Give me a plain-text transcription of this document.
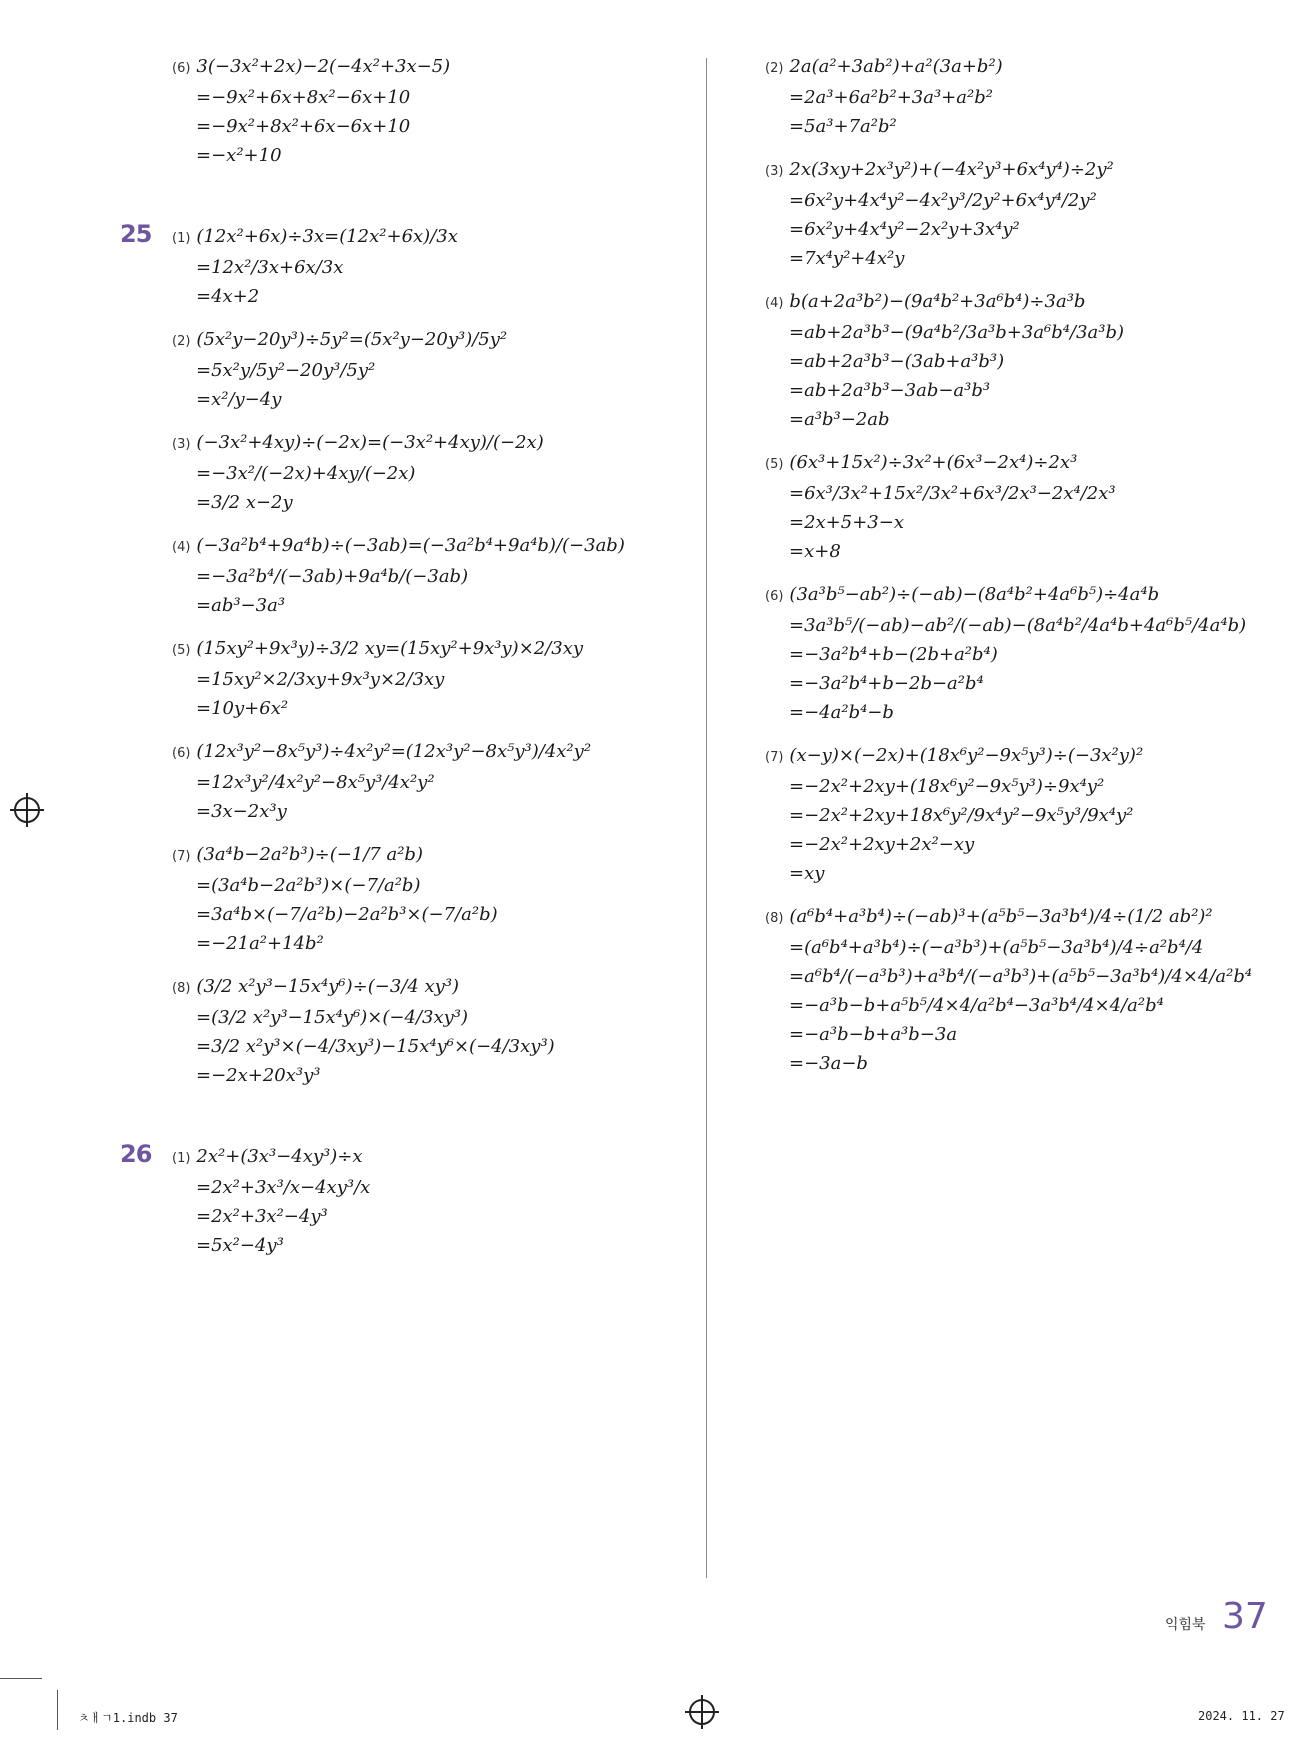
(6) 3(−3x²+2x)−2(−4x²+3x−5)
=−9x²+6x+8x²−6x+10
=−9x²+8x²+6x−6x+10
=−x²+10
25 (1) (12x²+6x)÷3x=(12x²+6x)/3x
=12x²/3x+6x/3x
=4x+2
(2) (5x²y−20y³)÷5y²=(5x²y−20y³)/5y²
=5x²y/5y²−20y³/5y²
=x²/y−4y
(3) (−3x²+4xy)÷(−2x)=(−3x²+4xy)/(−2x)
=−3x²/(−2x)+4xy/(−2x)
=3/2 x−2y
(4) (−3a²b⁴+9a⁴b)÷(−3ab)=(−3a²b⁴+9a⁴b)/(−3ab)
=−3a²b⁴/(−3ab)+9a⁴b/(−3ab)
=ab³−3a³
(5) (15xy²+9x³y)÷3/2 xy=(15xy²+9x³y)×2/3xy
=15xy²×2/3xy+9x³y×2/3xy
=10y+6x²
(6) (12x³y²−8x⁵y³)÷4x²y²=(12x³y²−8x⁵y³)/4x²y²
=12x³y²/4x²y²−8x⁵y³/4x²y²
=3x−2x³y
(7) (3a⁴b−2a²b³)÷(−1/7 a²b)
=(3a⁴b−2a²b³)×(−7/a²b)
=3a⁴b×(−7/a²b)−2a²b³×(−7/a²b)
=−21a²+14b²
(8) (3/2 x²y³−15x⁴y⁶)÷(−3/4 xy³)
=(3/2 x²y³−15x⁴y⁶)×(−4/3xy³)
=3/2 x²y³×(−4/3xy³)−15x⁴y⁶×(−4/3xy³)
=−2x+20x³y³
26 (1) 2x²+(3x³−4xy³)÷x
=2x²+3x³/x−4xy³/x
=2x²+3x²−4y³
=5x²−4y³
(2) 2a(a²+3ab²)+a²(3a+b²)
=2a³+6a²b²+3a³+a²b²
=5a³+7a²b²
(3) 2x(3xy+2x³y²)+(−4x²y³+6x⁴y⁴)÷2y²
=6x²y+4x⁴y²−4x²y³/2y²+6x⁴y⁴/2y²
=6x²y+4x⁴y²−2x²y+3x⁴y²
=7x⁴y²+4x²y
(4) b(a+2a³b²)−(9a⁴b²+3a⁶b⁴)÷3a³b
=ab+2a³b³−(9a⁴b²/3a³b+3a⁶b⁴/3a³b)
=ab+2a³b³−(3ab+a³b³)
=ab+2a³b³−3ab−a³b³
=a³b³−2ab
(5) (6x³+15x²)÷3x²+(6x³−2x⁴)÷2x³
=6x³/3x²+15x²/3x²+6x³/2x³−2x⁴/2x³
=2x+5+3−x
=x+8
(6) (3a³b⁵−ab²)÷(−ab)−(8a⁴b²+4a⁶b⁵)÷4a⁴b
=3a³b⁵/(−ab)−ab²/(−ab)−(8a⁴b²/4a⁴b+4a⁶b⁵/4a⁴b)
=−3a²b⁴+b−(2b+a²b⁴)
=−3a²b⁴+b−2b−a²b⁴
=−4a²b⁴−b
(7) (x−y)×(−2x)+(18x⁶y²−9x⁵y³)÷(−3x²y)²
=−2x²+2xy+(18x⁶y²−9x⁵y³)÷9x⁴y²
=−2x²+2xy+18x⁶y²/9x⁴y²−9x⁵y³/9x⁴y²
=−2x²+2xy+2x²−xy
=xy
(8) (a⁶b⁴+a³b⁴)÷(−ab)³+(a⁵b⁵−3a³b⁴)/4÷(1/2 ab²)²
=(a⁶b⁴+a³b⁴)÷(−a³b³)+(a⁵b⁵−3a³b⁴)/4÷a²b⁴/4
=a⁶b⁴/(−a³b³)+a³b⁴/(−a³b³)+(a⁵b⁵−3a³b⁴)/4×4/a²b⁴
=−a³b−b+a⁵b⁵/4×4/a²b⁴−3a³b⁴/4×4/a²b⁴
=−a³b−b+a³b−3a
=−3a−b
익힘북 37
ㅊㅐㄱ1.indb 37	2024. 11. 27
